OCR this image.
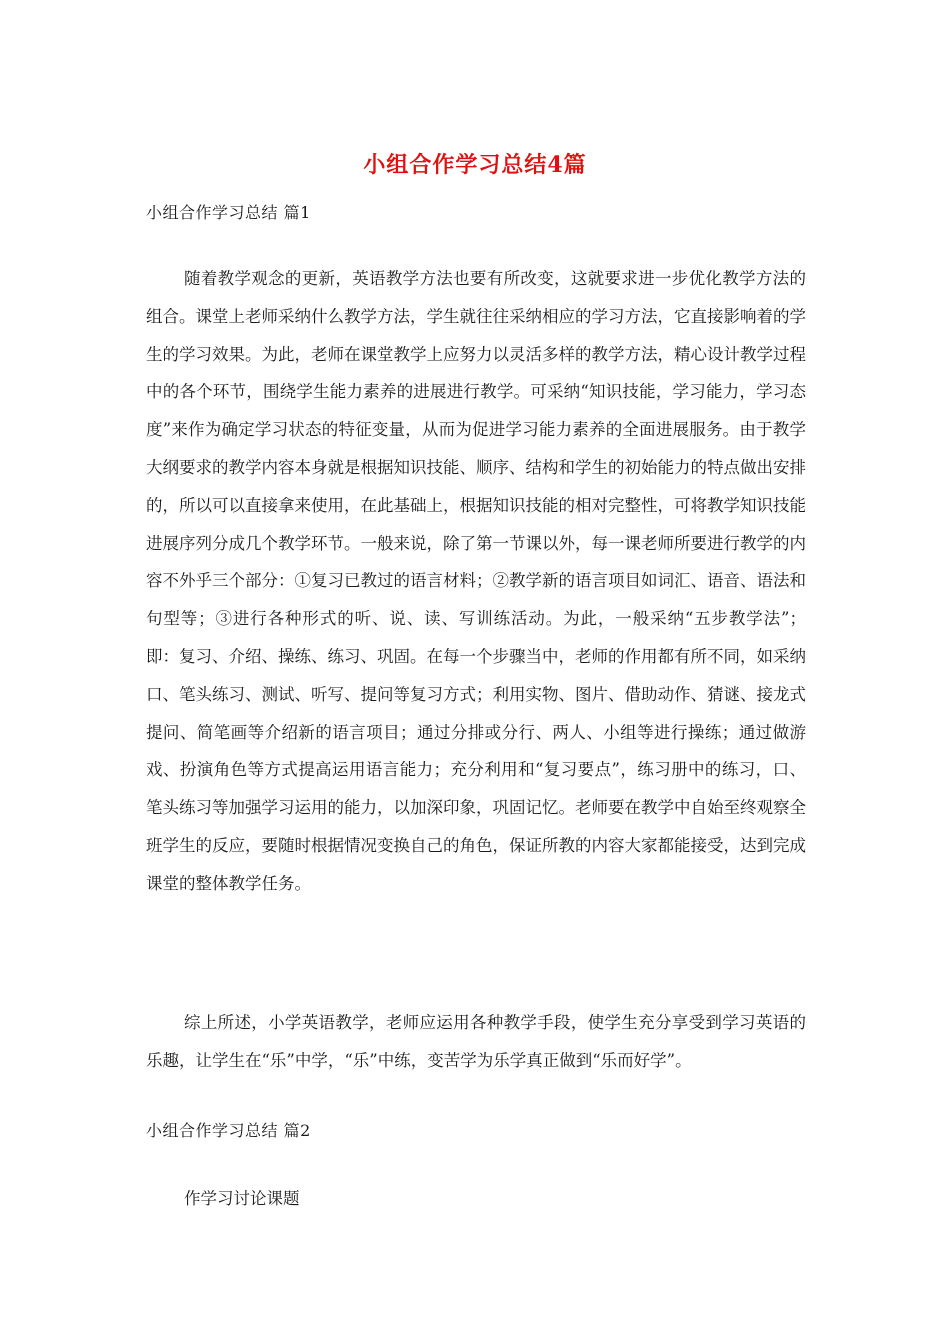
小组合作学习总结4篇
小组合作学习总结 篇1

随着教学观念的更新，英语教学方法也要有所改变，这就要求进一步优化教学方法的组合。课堂上老师采纳什么教学方法，学生就往往采纳相应的学习方法，它直接影响着的学生的学习效果。为此，老师在课堂教学上应努力以灵活多样的教学方法，精心设计教学过程中的各个环节，围绕学生能力素养的进展进行教学。可采纳“知识技能，学习能力，学习态度”来作为确定学习状态的特征变量，从而为促进学习能力素养的全面进展服务。由于教学大纲要求的教学内容本身就是根据知识技能、顺序、结构和学生的初始能力的特点做出安排的，所以可以直接拿来使用，在此基础上，根据知识技能的相对完整性，可将教学知识技能进展序列分成几个教学环节。一般来说，除了第一节课以外，每一课老师所要进行教学的内容不外乎三个部分：①复习已教过的语言材料；②教学新的语言项目如词汇、语音、语法和句型等；③进行各种形式的听、说、读、写训练活动。为此，一般采纳“五步教学法”；即：复习、介绍、操练、练习、巩固。在每一个步骤当中，老师的作用都有所不同，如采纳口、笔头练习、测试、听写、提问等复习方式；利用实物、图片、借助动作、猜谜、接龙式提问、简笔画等介绍新的语言项目；通过分排或分行、两人、小组等进行操练；通过做游戏、扮演角色等方式提高运用语言能力；充分利用和“复习要点”，练习册中的练习，口、笔头练习等加强学习运用的能力，以加深印象，巩固记忆。老师要在教学中自始至终观察全班学生的反应，要随时根据情况变换自己的角色，保证所教的内容大家都能接受，达到完成课堂的整体教学任务。

综上所述，小学英语教学，老师应运用各种教学手段，使学生充分享受到学习英语的乐趣，让学生在“乐”中学，“乐”中练，变苦学为乐学真正做到“乐而好学”。

小组合作学习总结 篇2

作学习讨论课题
